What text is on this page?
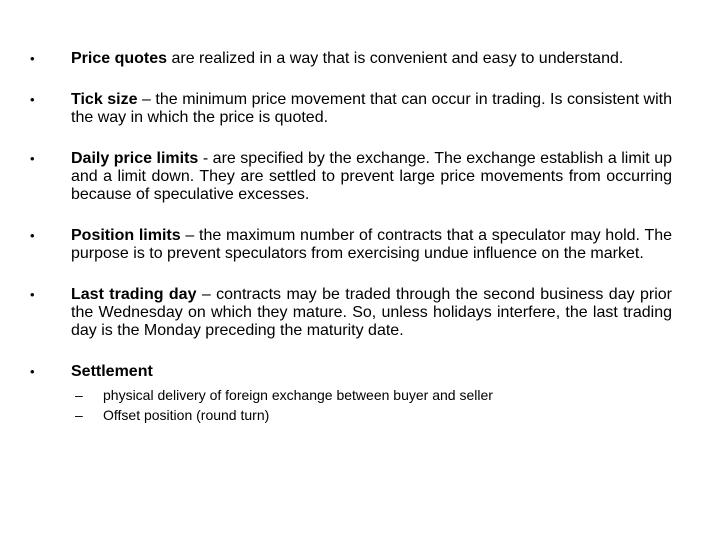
•	Price quotes are realized in a way that is convenient and easy to understand.
•	Tick size – the minimum price movement that can occur in trading. Is consistent with the way in which the price is quoted.
•	Daily price limits - are specified by the exchange. The exchange establish a limit up and a limit down. They are settled to prevent large price movements from occurring because of speculative excesses.
•	Position limits – the maximum number of contracts that a speculator may hold. The purpose is to prevent speculators from exercising undue influence on the market.
•	Last trading day – contracts may be traded through the second business day prior the Wednesday on which they mature. So, unless holidays interfere, the last trading day is the Monday preceding the maturity date.
•	Settlement
– physical delivery of foreign exchange between buyer and seller
– Offset position (round turn)
